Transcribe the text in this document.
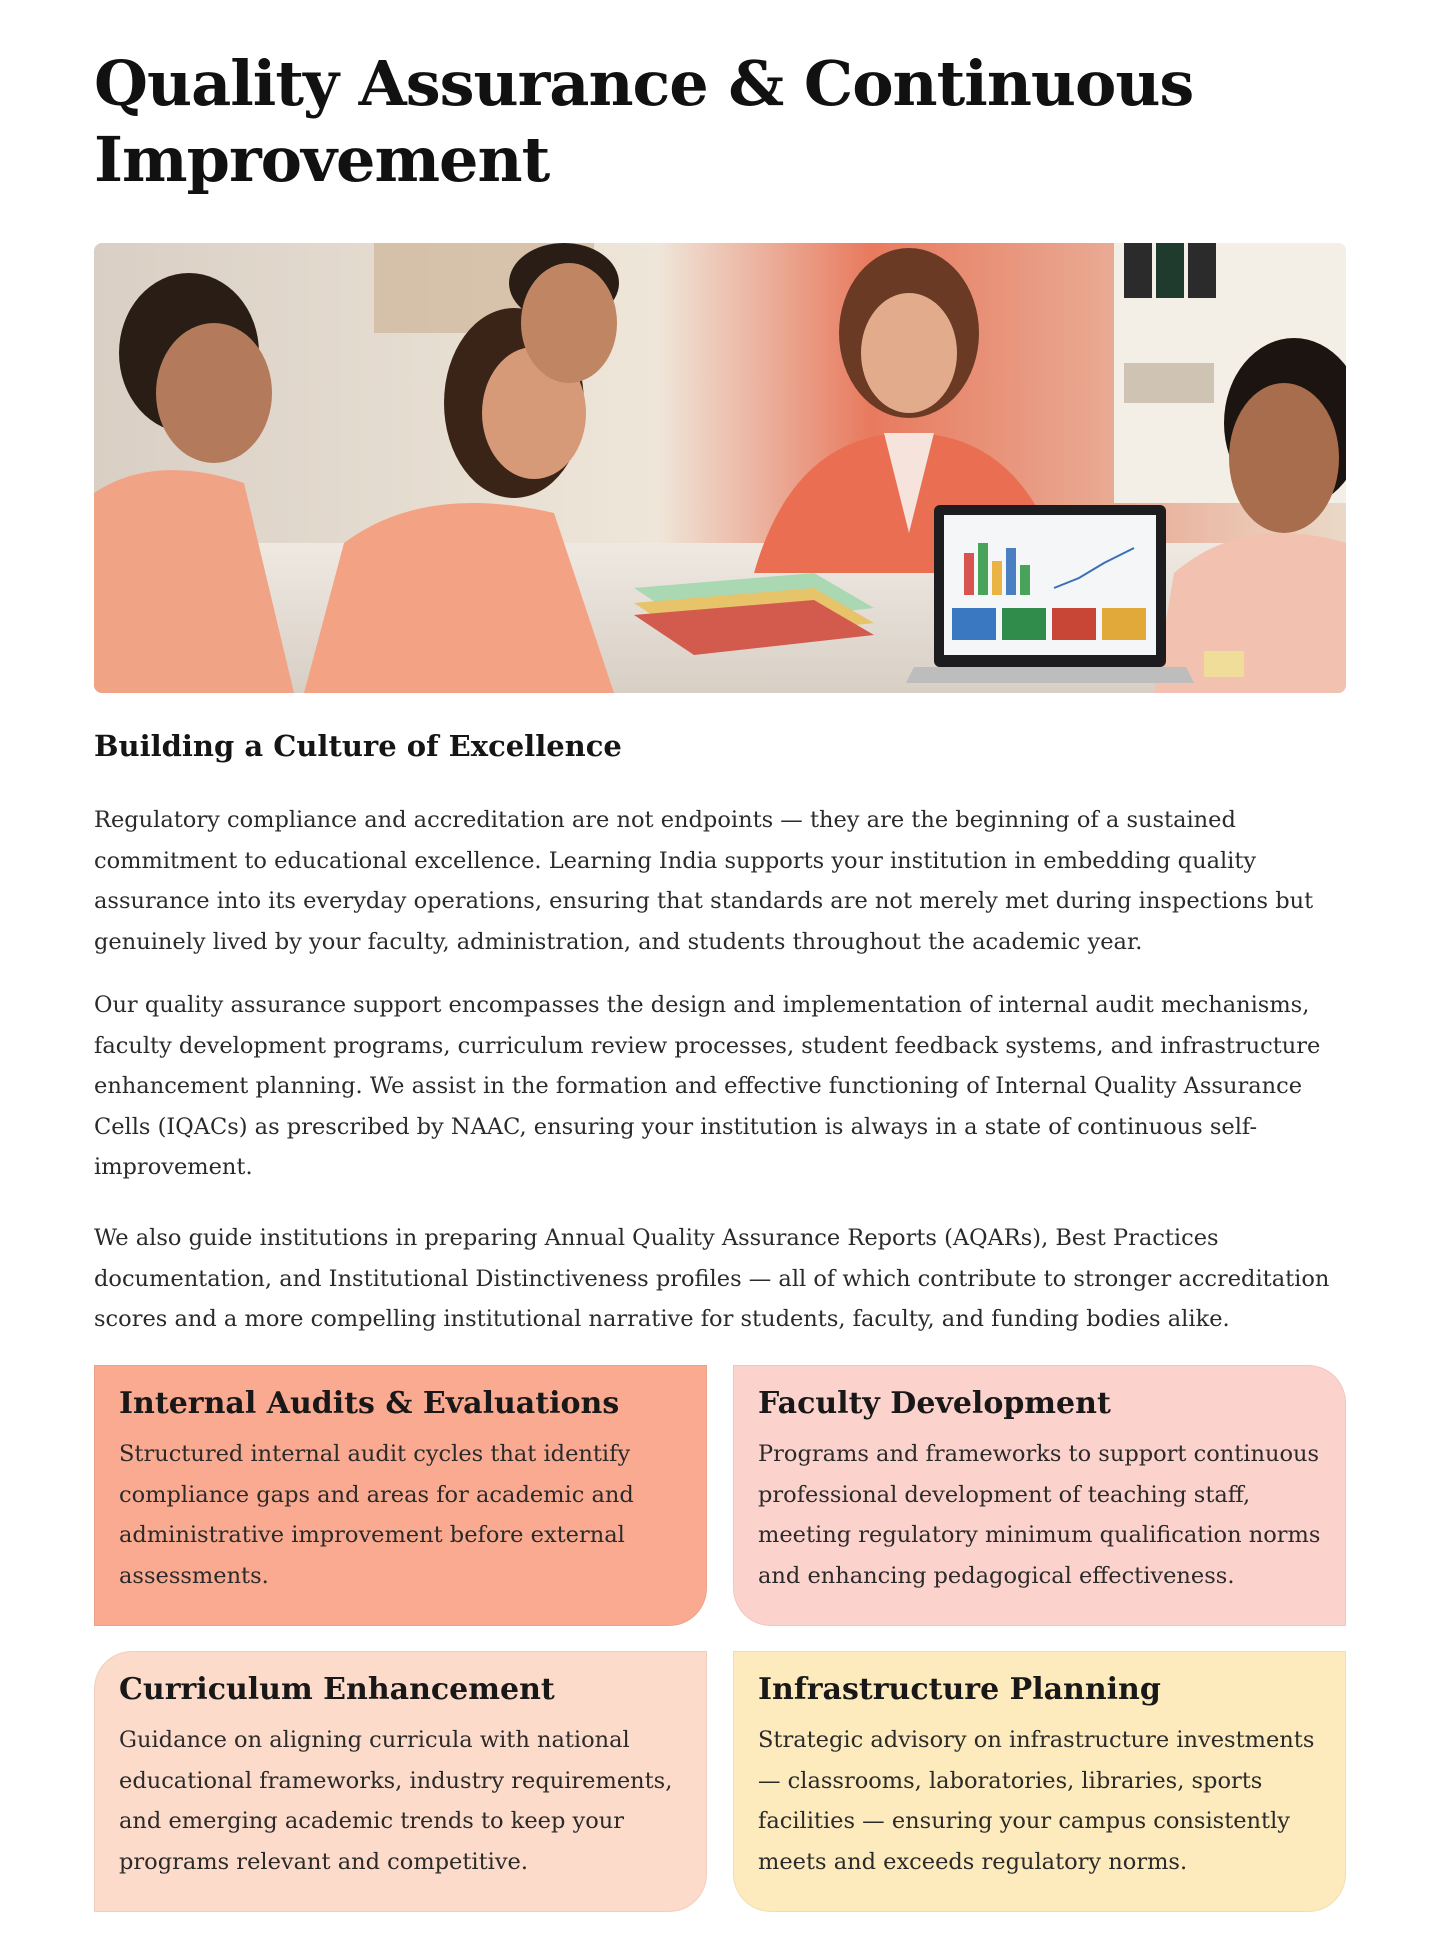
Quality Assurance & Continuous Improvement
Building a Culture of Excellence

Regulatory compliance and accreditation are not endpoints — they are the beginning of a sustained commitment to educational excellence. Learning India supports your institution in embedding quality assurance into its everyday operations, ensuring that standards are not merely met during inspections but genuinely lived by your faculty, administration, and students throughout the academic year.

Our quality assurance support encompasses the design and implementation of internal audit mechanisms, faculty development programs, curriculum review processes, student feedback systems, and infrastructure enhancement planning. We assist in the formation and effective functioning of Internal Quality Assurance Cells (IQACs) as prescribed by NAAC, ensuring your institution is always in a state of continuous self-improvement.

We also guide institutions in preparing Annual Quality Assurance Reports (AQARs), Best Practices documentation, and Institutional Distinctiveness profiles — all of which contribute to stronger accreditation scores and a more compelling institutional narrative for students, faculty, and funding bodies alike.

Internal Audits & Evaluations

Structured internal audit cycles that identify compliance gaps and areas for academic and administrative improvement before external assessments.

Faculty Development

Programs and frameworks to support continuous professional development of teaching staff, meeting regulatory minimum qualification norms and enhancing pedagogical effectiveness.

Curriculum Enhancement

Guidance on aligning curricula with national educational frameworks, industry requirements, and emerging academic trends to keep your programs relevant and competitive.

Infrastructure Planning

Strategic advisory on infrastructure investments — classrooms, laboratories, libraries, sports facilities — ensuring your campus consistently meets and exceeds regulatory norms.
